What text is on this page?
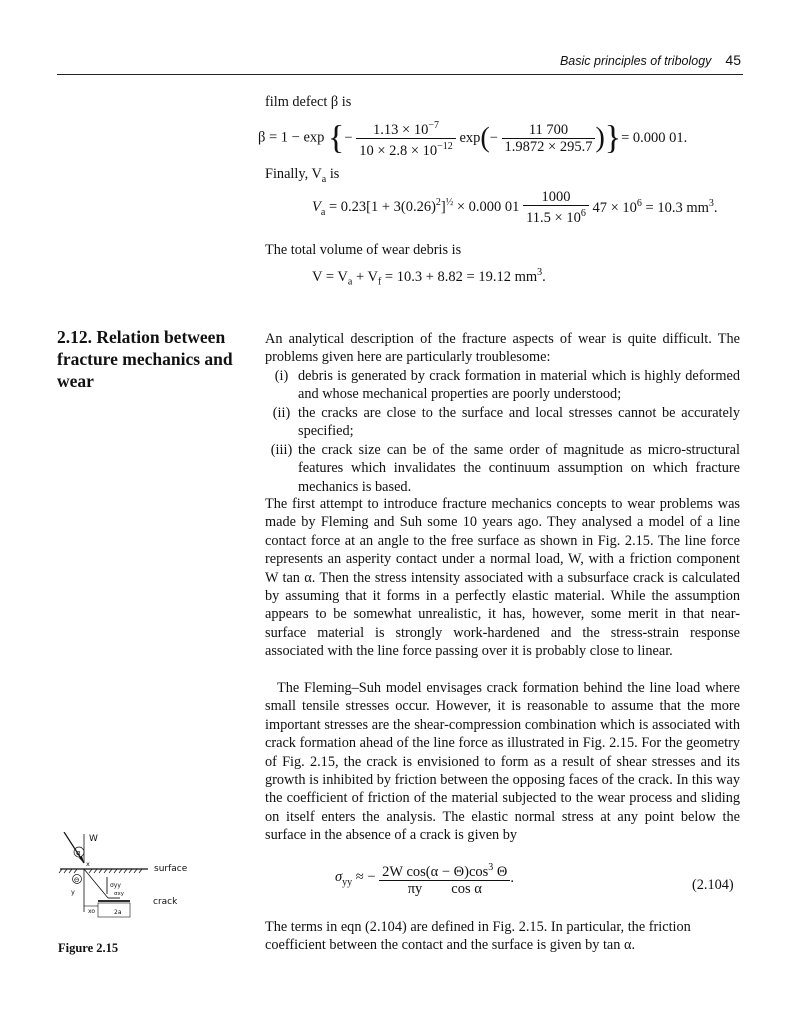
Basic principles of tribology 45
film defect β is
β = 1 − exp {− $\frac{1.13 \times 10^{-7}}{10 \times 2.8 \times 10^{-12}} \exp(- \frac{11 700}{1.9872 \times 295.7}$ )}= 0.000 01.
Finally, $V_a$ is
$V_a = 0.23[1 + 3(0.26)^2]^{\frac{1}{2}} \times 0.000$ $01 \frac{1000}{11.5 \times 10^6} 47 \times 10^6 = 10.3$ $mm^3$.
The total volume of wear debris is
$V = V_a + V_f = 10.3 + 8.82 = 19.12$ $mm^3$.
2.12. Relation between fracture mechanics and wear
An analytical description of the fracture aspects of wear is quite difficult. The problems given here are particularly troublesome:
(i) debris is generated by crack formation in material which is highly deformed and whose mechanical properties are poorly understood;
(ii) the cracks are close to the surface and local stresses cannot be accurately specified;
(iii) the crack size can be of the same order of magnitude as micro-structural features which invalidates the continuum assumption on which fracture mechanics is based.
The first attempt to introduce fracture mechanics concepts to wear problems was made by Fleming and Suh some 10 years ago. They analysed a model of a line contact force at an angle to the free surface as shown in Fig. 2.15. The line force represents an asperity contact under a normal load, W, with a friction component W tan α. Then the stress intensity associated with a subsurface crack is calculated by assuming that it forms in a perfectly elastic material. While the assumption appears to be somewhat unrealistic, it has, however, some merit in that near-surface material is strongly work-hardened and the stress-strain response associated with the line force passing over it is probably close to linear.
The Fleming–Suh model envisages crack formation behind the line load where small tensile stresses occur. However, it is reasonable to assume that the more important stresses are the shear-compression combination which is associated with crack formation ahead of the line force as illustrated in Fig. 2.15. For the geometry of Fig. 2.15, the crack is envisioned to form as a result of shear stresses and its growth is inhibited by friction between the opposing faces of the crack. In this way the coefficient of friction of the material subjected to the wear process and sliding on itself enters the analysis. The elastic normal stress at any point below the surface in the absence of a crack is given by
$\sigma_{yy}$ ≈ − $\frac{2W \cos(\alpha - \Theta)\cos^3 \Theta}{\text{πy cos α}}$ .	(2.104)
The terms in eqn (2.104) are defined in Fig. 2.15. In particular, the friction coefficient between the contact and the surface is given by tan α.
W
α
x	surface
Θ
y
σyy
σxy
crack
xo	2a
Figure 2.15
